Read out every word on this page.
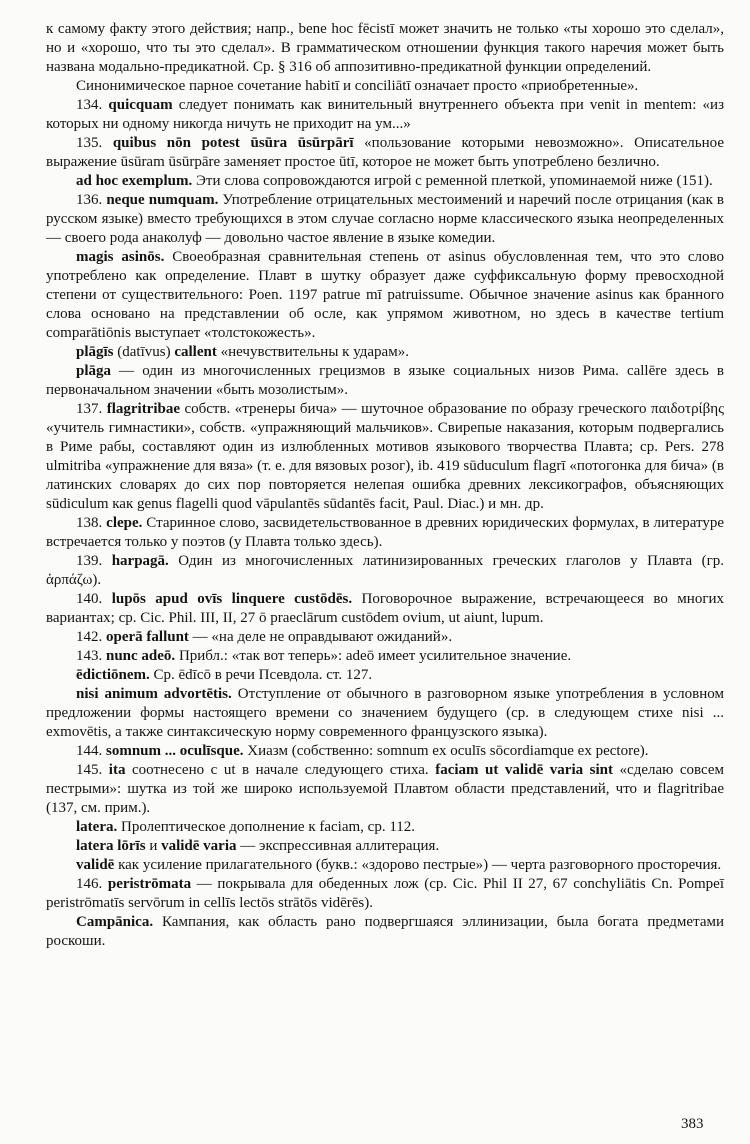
к самому факту этого действия; напр., bene hoc fēcistī может значить не только «ты хорошо это сделал», но и «хорошо, что ты это сделал». В грамматическом отношении функция такого наречия может быть названа модально-предикатной. Ср. § 316 об аппозитивно-предикатной функции определений.

Синонимическое парное сочетание habitī и conciliātī означает просто «приобретенные».

134. quicquam следует понимать как винительный внутреннего объекта при venit in mentem: «из которых ни одному никогда ничуть не приходит на ум...»

135. quibus nōn potest ūsūra ūsūrpārī «пользование которыми невозможно». Описательное выражение ūsūram ūsūrpāre заменяет простое ūtī, которое не может быть употреблено безлично.

ad hoc exemplum. Эти слова сопровождаются игрой с ременной плеткой, упоминаемой ниже (151).

136. neque numquam. Употребление отрицательных местоимений и наречий после отрицания (как в русском языке) вместо требующихся в этом случае согласно норме классического языка неопределенных — своего рода анаколуф — довольно частое явление в языке комедии.

magis asinōs. Своеобразная сравнительная степень от asinus обусловленная тем, что это слово употреблено как определение. Плавт в шутку образует даже суффиксальную форму превосходной степени от существительного: Poen. 1197 patrue mī patruissume. Обычное значение asinus как бранного слова основано на представлении об осле, как упрямом животном, но здесь в качестве tertium comparātiōnis выступает «толстокожесть».

plāgīs (datīvus) callent «нечувствительны к ударам».

plāga — один из многочисленных грецизмов в языке социальных низов Рима. callēre здесь в первоначальном значении «быть мозолистым».

137. flagritribae собств. «тренеры бича» — шуточное образование по образу греческого παιδοτρίβης «учитель гимнастики», собств. «упражняющий мальчиков». Свирепые наказания, которым подвергались в Риме рабы, составляют один из излюбленных мотивов языкового творчества Плавта; ср. Pers. 278 ulmitriba «упражнение для вяза» (т. е. для вязовых розог), ib. 419 sūduculum flagrī «потогонка для бича» (в латинских словарях до сих пор повторяется нелепая ошибка древних лексикографов, объясняющих sūdiculum как genus flagelli quod vāpulantēs sūdantēs facit, Paul. Diac.) и мн. др.

138. clepe. Старинное слово, засвидетельствованное в древних юридических формулах, в литературе встречается только у поэтов (у Плавта только здесь).

139. harpagā. Один из многочисленных латинизированных греческих глаголов у Плавта (гр. ἁρπάζω).

140. lupōs apud ovīs linquere custōdēs. Поговорочное выражение, встречающееся во многих вариантах; ср. Cic. Phil. III, II, 27 ō praeclārum custōdem ovium, ut aiunt, lupum.

142. operā fallunt — «на деле не оправдывают ожиданий».

143. nunc adeō. Прибл.: «так вот теперь»: adeō имеет усилительное значение.

ēdictiōnem. Ср. ēdīcō в речи Псевдола. ст. 127.

nisi animum advortētis. Отступление от обычного в разговорном языке употребления в условном предложении формы настоящего времени со значением будущего (ср. в следующем стихе nisi ... exmovētis, а также синтаксическую норму современного французского языка).

144. somnum ... oculīsque. Хиазм (собственно: somnum ex oculīs sōcordiamque ex pectore).

145. ita соотнесено с ut в начале следующего стиха. faciam ut validē varia sint «сделаю совсем пестрыми»: шутка из той же широко используемой Плавтом области представлений, что и flagritribae (137, см. прим.).

latera. Пролептическое дополнение к faciam, ср. 112.

latera lōrīs и validē varia — экспрессивная аллитерация.

validē как усиление прилагательного (букв.: «здорово пестрые») — черта разговорного просторечия.

146. peristrōmata — покрывала для обеденных лож (ср. Cic. Phil II 27, 67 conchyliātis Cn. Pompeī peristrōmatīs servōrum in cellīs lectōs strātōs vidērēs).

Campānica. Кампания, как область рано подвергшаяся эллинизации, была богата предметами роскоши.

383
